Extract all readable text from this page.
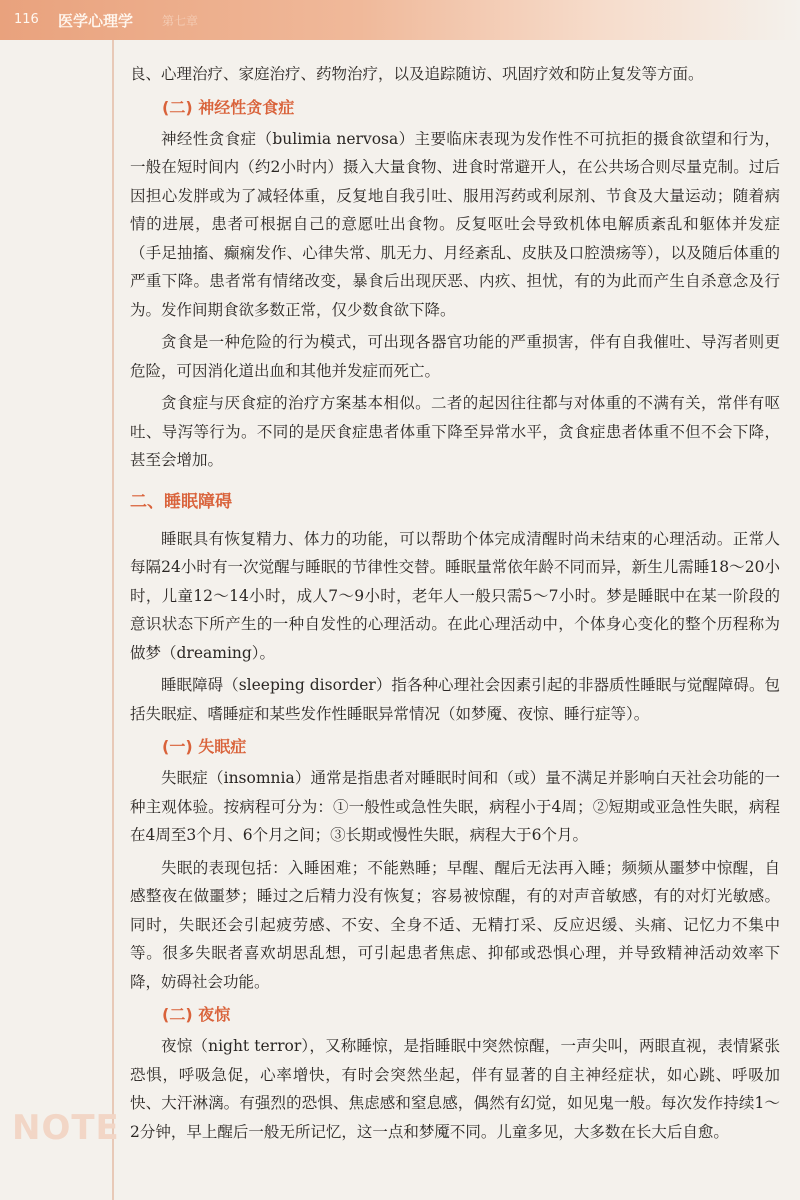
116 医学心理学 第七章
NOTE

良、心理治疗、家庭治疗、药物治疗，以及追踪随访、巩固疗效和防止复发等方面。

(二) 神经性贪食症

神经性贪食症（bulimia nervosa）主要临床表现为发作性不可抗拒的摄食欲望和行为，一般在短时间内（约2小时内）摄入大量食物、进食时常避开人，在公共场合则尽量克制。过后因担心发胖或为了减轻体重，反复地自我引吐、服用泻药或利尿剂、节食及大量运动；随着病情的进展，患者可根据自己的意愿吐出食物。反复呕吐会导致机体电解质紊乱和躯体并发症（手足抽搐、癫痫发作、心律失常、肌无力、月经紊乱、皮肤及口腔溃疡等），以及随后体重的严重下降。患者常有情绪改变，暴食后出现厌恶、内疚、担忧，有的为此而产生自杀意念及行为。发作间期食欲多数正常，仅少数食欲下降。

贪食是一种危险的行为模式，可出现各器官功能的严重损害，伴有自我催吐、导泻者则更危险，可因消化道出血和其他并发症而死亡。

贪食症与厌食症的治疗方案基本相似。二者的起因往往都与对体重的不满有关，常伴有呕吐、导泻等行为。不同的是厌食症患者体重下降至异常水平，贪食症患者体重不但不会下降，甚至会增加。

二、睡眠障碍

睡眠具有恢复精力、体力的功能，可以帮助个体完成清醒时尚未结束的心理活动。正常人每隔24小时有一次觉醒与睡眠的节律性交替。睡眠量常依年龄不同而异，新生儿需睡18～20小时，儿童12～14小时，成人7～9小时，老年人一般只需5～7小时。梦是睡眠中在某一阶段的意识状态下所产生的一种自发性的心理活动。在此心理活动中，个体身心变化的整个历程称为做梦（dreaming）。

睡眠障碍（sleeping disorder）指各种心理社会因素引起的非器质性睡眠与觉醒障碍。包括失眠症、嗜睡症和某些发作性睡眠异常情况（如梦魇、夜惊、睡行症等）。

(一) 失眠症

失眠症（insomnia）通常是指患者对睡眠时间和（或）量不满足并影响白天社会功能的一种主观体验。按病程可分为：①一般性或急性失眠，病程小于4周；②短期或亚急性失眠，病程在4周至3个月、6个月之间；③长期或慢性失眠，病程大于6个月。

失眠的表现包括：入睡困难；不能熟睡；早醒、醒后无法再入睡；频频从噩梦中惊醒，自感整夜在做噩梦；睡过之后精力没有恢复；容易被惊醒，有的对声音敏感，有的对灯光敏感。同时，失眠还会引起疲劳感、不安、全身不适、无精打采、反应迟缓、头痛、记忆力不集中等。很多失眠者喜欢胡思乱想，可引起患者焦虑、抑郁或恐惧心理，并导致精神活动效率下降，妨碍社会功能。

(二) 夜惊

夜惊（night terror），又称睡惊，是指睡眠中突然惊醒，一声尖叫，两眼直视，表情紧张恐惧，呼吸急促，心率增快，有时会突然坐起，伴有显著的自主神经症状，如心跳、呼吸加快、大汗淋漓。有强烈的恐惧、焦虑感和窒息感，偶然有幻觉，如见鬼一般。每次发作持续1～2分钟，早上醒后一般无所记忆，这一点和梦魇不同。儿童多见，大多数在长大后自愈。
